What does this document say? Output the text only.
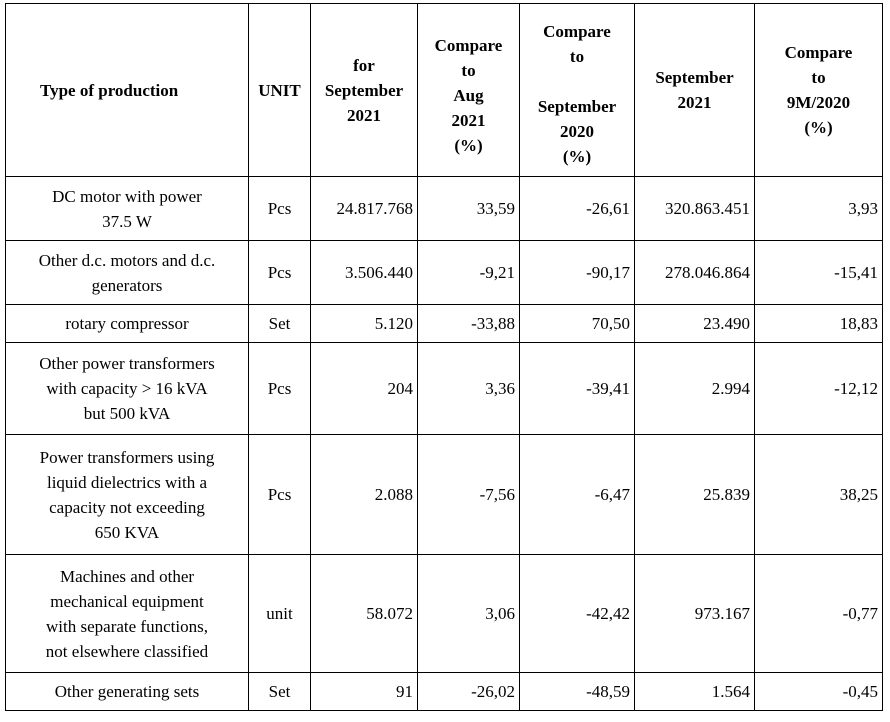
Type of production	UNIT	for
September
2021	Compare
to
Aug
2021
(%)	Compare
to

September
2020
(%)	September
2021	Compare
to
9M/2020
(%)

DC motor with power
37.5 W	Pcs	24.817.768	33,59	-26,61	320.863.451	3,93

Other d.c. motors and d.c.
generators	Pcs	3.506.440	-9,21	-90,17	278.046.864	-15,41

rotary compressor	Set	5.120	-33,88	70,50	23.490	18,83

Other power transformers
with capacity > 16 kVA
but 500 kVA	Pcs	204	3,36	-39,41	2.994	-12,12

Power transformers using
liquid dielectrics with a
capacity not exceeding
650 KVA	Pcs	2.088	-7,56	-6,47	25.839	38,25

Machines and other
mechanical equipment
with separate functions,
not elsewhere classified	unit	58.072	3,06	-42,42	973.167	-0,77

Other generating sets	Set	91	-26,02	-48,59	1.564	-0,45
